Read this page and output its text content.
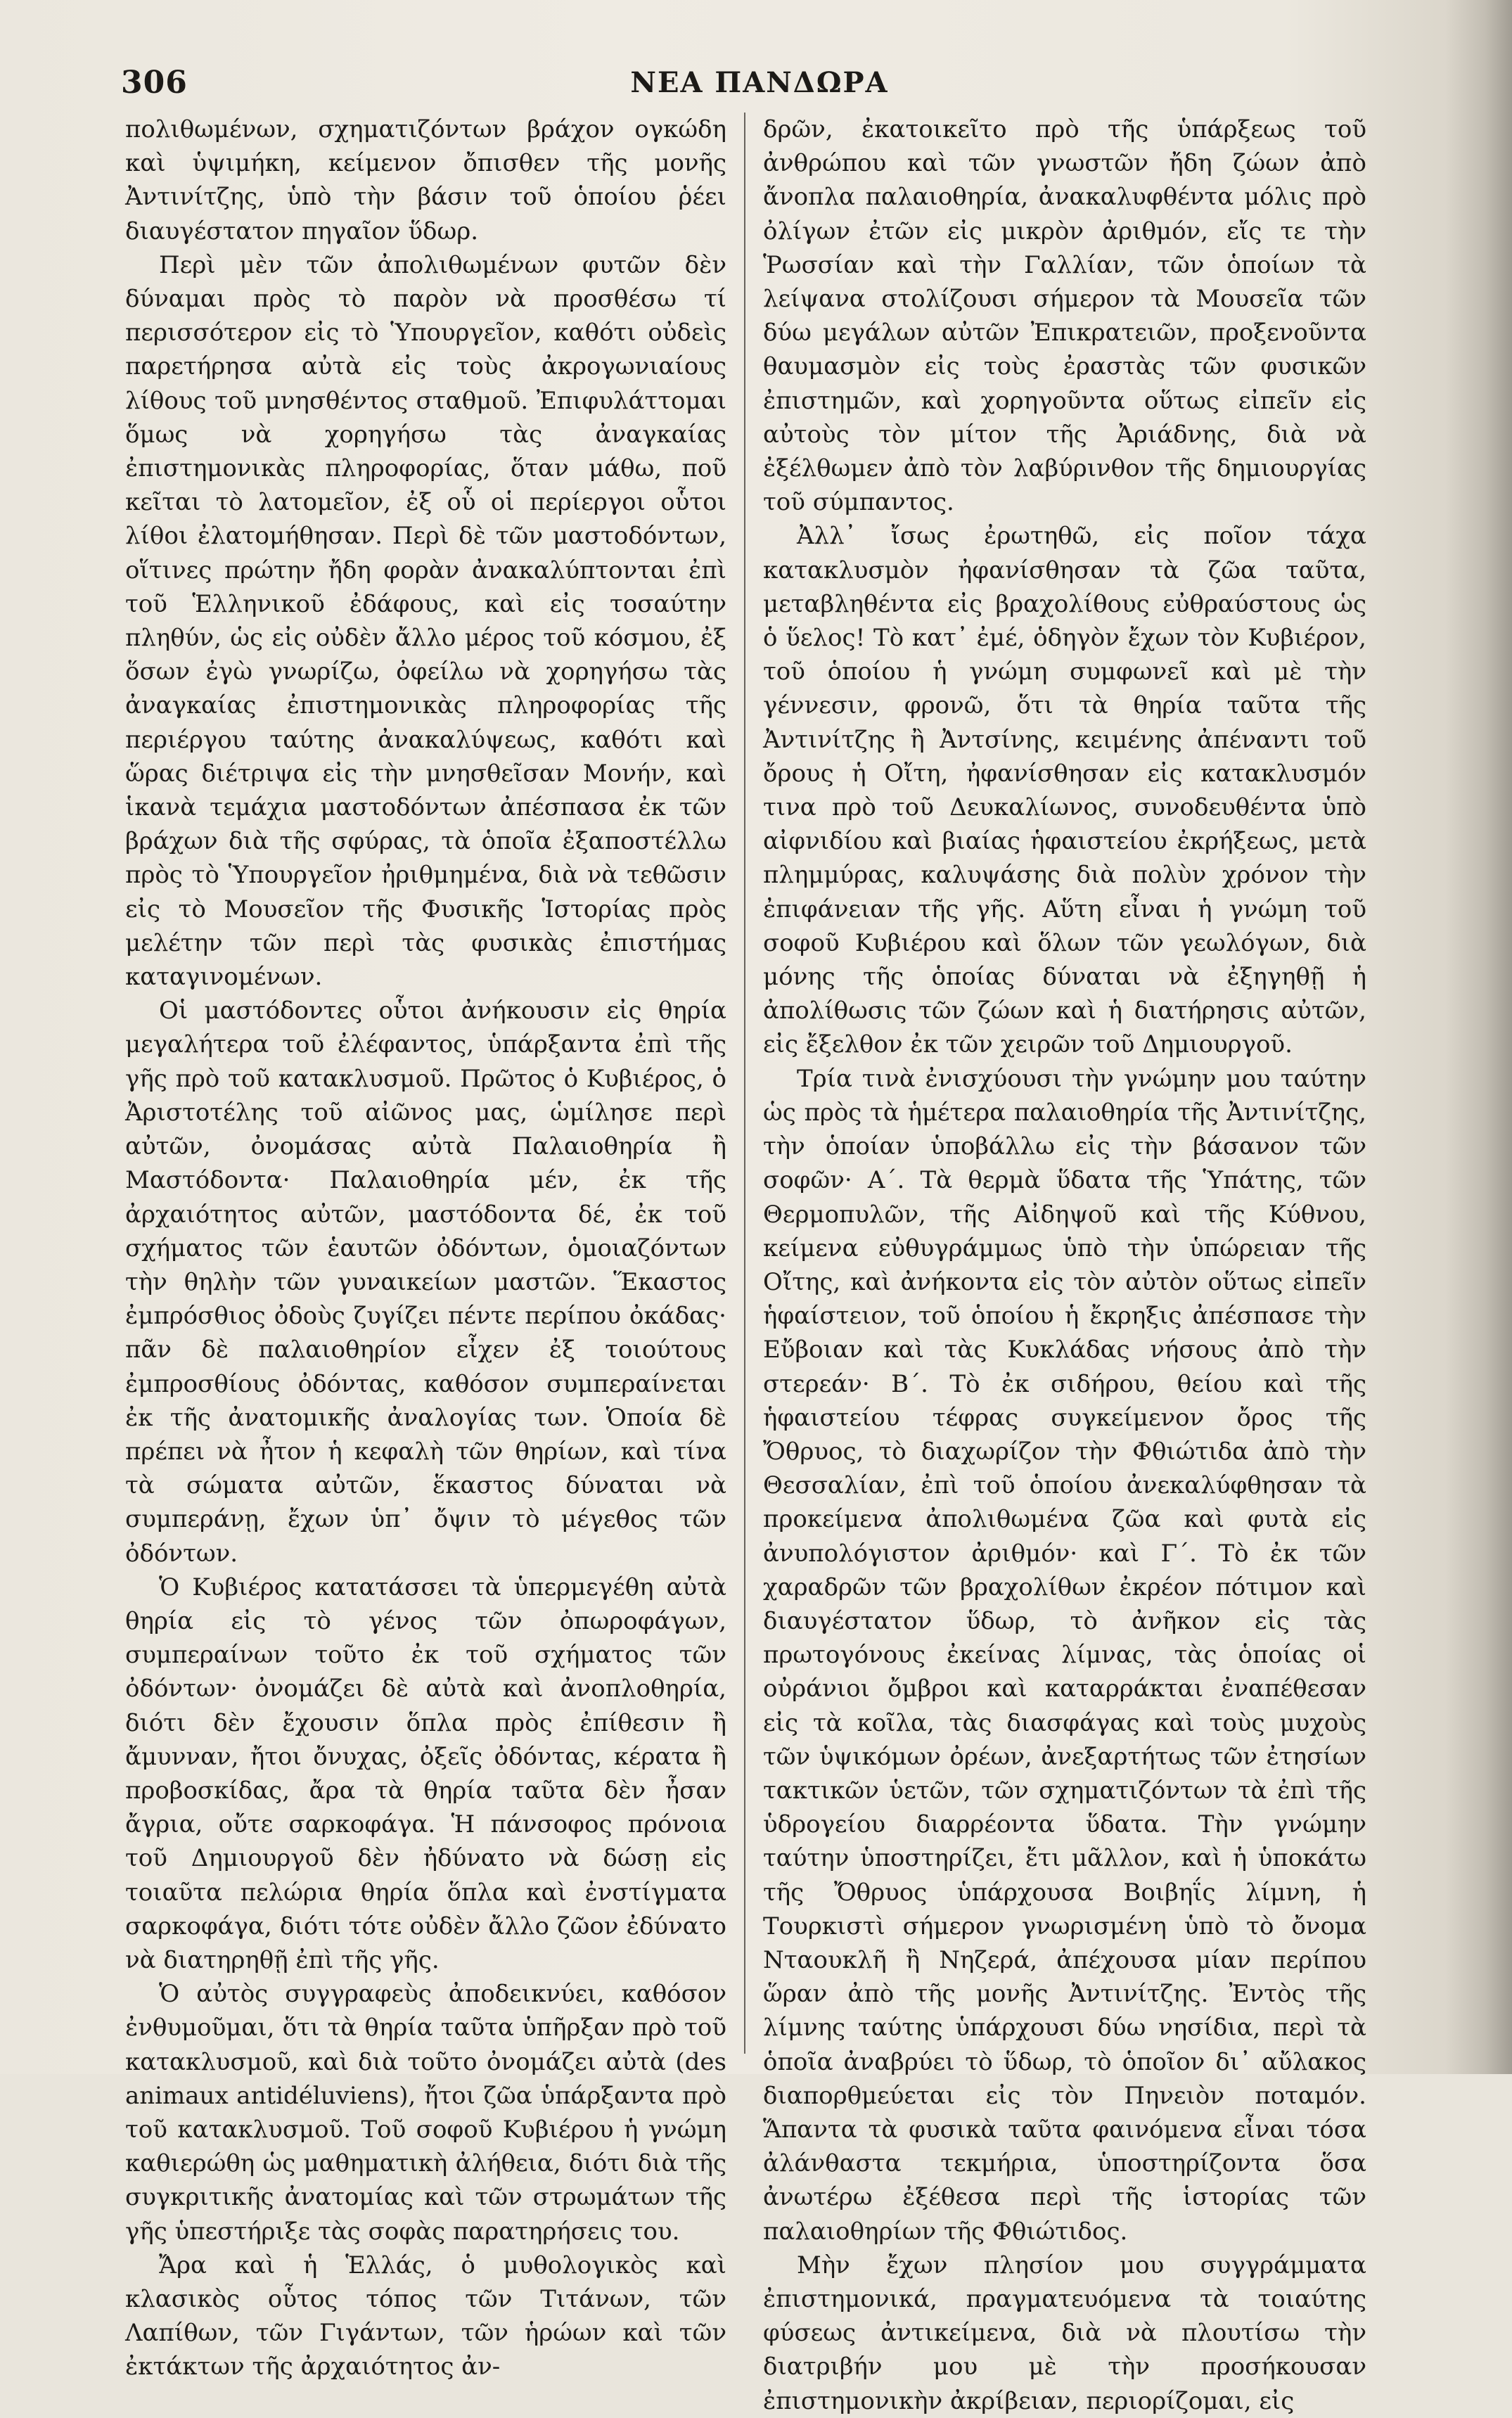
306	ΝΕΑ ΠΑΝΔΩΡΑ

πολιθωμένων, σχηματιζόντων βράχον ογκώδη καὶ ὑψιμήκη, κείμενον ὄπισθεν τῆς μονῆς Ἀντινίτζης, ὑπὸ τὴν βάσιν τοῦ ὁποίου ῥέει διαυγέστατον πηγαῖον ὕδωρ.

Περὶ μὲν τῶν ἀπολιθωμένων φυτῶν δὲν δύναμαι πρὸς τὸ παρὸν νὰ προσθέσω τί περισσότερον εἰς τὸ Ὑπουργεῖον, καθότι οὐδεὶς παρετήρησα αὐτὰ εἰς τοὺς ἀκρογωνιαίους λίθους τοῦ μνησθέντος σταθμοῦ. Ἐπιφυλάττομαι ὅμως νὰ χορηγήσω τὰς ἀναγκαίας ἐπιστημονικὰς πληροφορίας, ὅταν μάθω, ποῦ κεῖται τὸ λατομεῖον, ἐξ οὗ οἱ περίεργοι οὗτοι λίθοι ἐλατομήθησαν. Περὶ δὲ τῶν μαστοδόντων, οἵτινες πρώτην ἤδη φορὰν ἀνακαλύπτονται ἐπὶ τοῦ Ἑλληνικοῦ ἐδάφους, καὶ εἰς τοσαύτην πληθύν, ὡς εἰς οὐδὲν ἄλλο μέρος τοῦ κόσμου, ἐξ ὅσων ἐγὼ γνωρίζω, ὀφείλω νὰ χορηγήσω τὰς ἀναγκαίας ἐπιστημονικὰς πληροφορίας τῆς περιέργου ταύτης ἀνακαλύψεως, καθότι καὶ ὥρας διέτριψα εἰς τὴν μνησθεῖσαν Μονήν, καὶ ἱκανὰ τεμάχια μαστοδόντων ἀπέσπασα ἐκ τῶν βράχων διὰ τῆς σφύρας, τὰ ὁποῖα ἐξαποστέλλω πρὸς τὸ Ὑπουργεῖον ἠριθμημένα, διὰ νὰ τεθῶσιν εἰς τὸ Μουσεῖον τῆς Φυσικῆς Ἱστορίας πρὸς μελέτην τῶν περὶ τὰς φυσικὰς ἐπιστήμας καταγινομένων.

Οἱ μαστόδοντες οὗτοι ἀνήκουσιν εἰς θηρία μεγαλήτερα τοῦ ἐλέφαντος, ὑπάρξαντα ἐπὶ τῆς γῆς πρὸ τοῦ κατακλυσμοῦ. Πρῶτος ὁ Κυβιέρος, ὁ Ἀριστοτέλης τοῦ αἰῶνος μας, ὡμίλησε περὶ αὐτῶν, ὀνομάσας αὐτὰ Παλαιοθηρία ἢ Μαστόδοντα· Παλαιοθηρία μέν, ἐκ τῆς ἀρχαιότητος αὐτῶν, μαστόδοντα δέ, ἐκ τοῦ σχήματος τῶν ἑαυτῶν ὀδόντων, ὁμοιαζόντων τὴν θηλὴν τῶν γυναικείων μαστῶν. Ἕκαστος ἐμπρόσθιος ὀδοὺς ζυγίζει πέντε περίπου ὀκάδας· πᾶν δὲ παλαιοθηρίον εἶχεν ἐξ τοιούτους ἐμπροσθίους ὀδόντας, καθόσον συμπεραίνεται ἐκ τῆς ἀνατομικῆς ἀναλογίας των. Ὁποία δὲ πρέπει νὰ ἦτον ἡ κεφαλὴ τῶν θηρίων, καὶ τίνα τὰ σώματα αὐτῶν, ἕκαστος δύναται νὰ συμπεράνῃ, ἔχων ὑπ᾿ ὄψιν τὸ μέγεθος τῶν ὀδόντων.

Ὁ Κυβιέρος κατατάσσει τὰ ὑπερμεγέθη αὐτὰ θηρία εἰς τὸ γένος τῶν ὀπωροφάγων, συμπεραίνων τοῦτο ἐκ τοῦ σχήματος τῶν ὀδόντων· ὀνομάζει δὲ αὐτὰ καὶ ἀνοπλοθηρία, διότι δὲν ἔχουσιν ὅπλα πρὸς ἐπίθεσιν ἢ ἄμυνναν, ἤτοι ὄνυχας, ὀξεῖς ὀδόντας, κέρατα ἢ προβοσκίδας, ἄρα τὰ θηρία ταῦτα δὲν ἦσαν ἄγρια, οὔτε σαρκοφάγα. Ἡ πάνσοφος πρόνοια τοῦ Δημιουργοῦ δὲν ἠδύνατο νὰ δώσῃ εἰς τοιαῦτα πελώρια θηρία ὅπλα καὶ ἐνστίγματα σαρκοφάγα, διότι τότε οὐδὲν ἄλλο ζῶον ἐδύνατο νὰ διατηρηθῇ ἐπὶ τῆς γῆς.

Ὁ αὐτὸς συγγραφεὺς ἀποδεικνύει, καθόσον ἐνθυμοῦμαι, ὅτι τὰ θηρία ταῦτα ὑπῆρξαν πρὸ τοῦ κατακλυσμοῦ, καὶ διὰ τοῦτο ὀνομάζει αὐτὰ (des animaux antidéluviens), ἤτοι ζῶα ὑπάρξαντα πρὸ τοῦ κατακλυσμοῦ. Τοῦ σοφοῦ Κυβιέρου ἡ γνώμη καθιερώθη ὡς μαθηματικὴ ἀλήθεια, διότι διὰ τῆς συγκριτικῆς ἀνατομίας καὶ τῶν στρωμάτων τῆς γῆς ὑπεστήριξε τὰς σοφὰς παρατηρήσεις του.

Ἄρα καὶ ἡ Ἑλλάς, ὁ μυθολογικὸς καὶ κλασικὸς οὗτος τόπος τῶν Τιτάνων, τῶν Λαπίθων, τῶν Γιγάντων, τῶν ἡρώων καὶ τῶν ἐκτάκτων τῆς ἀρχαιότητος ἀν-

δρῶν, ἐκατοικεῖτο πρὸ τῆς ὑπάρξεως τοῦ ἀνθρώπου καὶ τῶν γνωστῶν ἤδη ζώων ἀπὸ ἄνοπλα παλαιοθηρία, ἀνακαλυφθέντα μόλις πρὸ ὀλίγων ἐτῶν εἰς μικρὸν ἀριθμόν, εἴς τε τὴν Ῥωσσίαν καὶ τὴν Γαλλίαν, τῶν ὁποίων τὰ λείψανα στολίζουσι σήμερον τὰ Μουσεῖα τῶν δύω μεγάλων αὐτῶν Ἐπικρατειῶν, προξενοῦντα θαυμασμὸν εἰς τοὺς ἐραστὰς τῶν φυσικῶν ἐπιστημῶν, καὶ χορηγοῦντα οὕτως εἰπεῖν εἰς αὐτοὺς τὸν μίτον τῆς Ἀριάδνης, διὰ νὰ ἐξέλθωμεν ἀπὸ τὸν λαβύρινθον τῆς δημιουργίας τοῦ σύμπαντος.

Ἀλλ᾿ ἴσως ἐρωτηθῶ, εἰς ποῖον τάχα κατακλυσμὸν ἠφανίσθησαν τὰ ζῶα ταῦτα, μεταβληθέντα εἰς βραχολίθους εὐθραύστους ὡς ὁ ὕελος! Τὸ κατ᾿ ἐμέ, ὁδηγὸν ἔχων τὸν Κυβιέρον, τοῦ ὁποίου ἡ γνώμη συμφωνεῖ καὶ μὲ τὴν γέννεσιν, φρονῶ, ὅτι τὰ θηρία ταῦτα τῆς Ἀντινίτζης ἢ Ἀντσίνης, κειμένης ἀπέναντι τοῦ ὄρους ἡ Οἴτη, ἠφανίσθησαν εἰς κατακλυσμόν τινα πρὸ τοῦ Δευκαλίωνος, συνοδευθέντα ὑπὸ αἰφνιδίου καὶ βιαίας ἡφαιστείου ἐκρήξεως, μετὰ πλημμύρας, καλυψάσης διὰ πολὺν χρόνον τὴν ἐπιφάνειαν τῆς γῆς. Αὕτη εἶναι ἡ γνώμη τοῦ σοφοῦ Κυβιέρου καὶ ὅλων τῶν γεωλόγων, διὰ μόνης τῆς ὁποίας δύναται νὰ ἐξηγηθῇ ἡ ἀπολίθωσις τῶν ζώων καὶ ἡ διατήρησις αὐτῶν, εἰς ἔξελθον ἐκ τῶν χειρῶν τοῦ Δημιουργοῦ.

Τρία τινὰ ἐνισχύουσι τὴν γνώμην μου ταύτην ὡς πρὸς τὰ ἡμέτερα παλαιοθηρία τῆς Ἀντινίτζης, τὴν ὁποίαν ὑποβάλλω εἰς τὴν βάσανον τῶν σοφῶν· Α΄. Τὰ θερμὰ ὕδατα τῆς Ὑπάτης, τῶν Θερμοπυλῶν, τῆς Αἰδηψοῦ καὶ τῆς Κύθνου, κείμενα εὐθυγράμμως ὑπὸ τὴν ὑπώρειαν τῆς Οἴτης, καὶ ἀνήκοντα εἰς τὸν αὐτὸν οὕτως εἰπεῖν ἡφαίστειον, τοῦ ὁποίου ἡ ἔκρηξις ἀπέσπασε τὴν Εὔβοιαν καὶ τὰς Κυκλάδας νήσους ἀπὸ τὴν στερεάν· Β΄. Τὸ ἐκ σιδήρου, θείου καὶ τῆς ἡφαιστείου τέφρας συγκείμενον ὄρος τῆς Ὄθρυος, τὸ διαχωρίζον τὴν Φθιώτιδα ἀπὸ τὴν Θεσσαλίαν, ἐπὶ τοῦ ὁποίου ἀνεκαλύφθησαν τὰ προκείμενα ἀπολιθωμένα ζῶα καὶ φυτὰ εἰς ἀνυπολόγιστον ἀριθμόν· καὶ Γ΄. Τὸ ἐκ τῶν χαραδρῶν τῶν βραχολίθων ἐκρέον πότιμον καὶ διαυγέστατον ὕδωρ, τὸ ἀνῆκον εἰς τὰς πρωτογόνους ἐκείνας λίμνας, τὰς ὁποίας οἱ οὐράνιοι ὄμβροι καὶ καταρράκται ἐναπέθεσαν εἰς τὰ κοῖλα, τὰς διασφάγας καὶ τοὺς μυχοὺς τῶν ὑψικόμων ὀρέων, ἀνεξαρτήτως τῶν ἐτησίων τακτικῶν ὑετῶν, τῶν σχηματιζόντων τὰ ἐπὶ τῆς ὑδρογείου διαρρέοντα ὕδατα. Τὴν γνώμην ταύτην ὑποστηρίζει, ἔτι μᾶλλον, καὶ ἡ ὑποκάτω τῆς Ὄθρυος ὑπάρχουσα Βοιβηΐς λίμνη, ἡ Τουρκιστὶ σήμερον γνωρισμένη ὑπὸ τὸ ὄνομα Νταουκλῆ ἢ Νηζερά, ἀπέχουσα μίαν περίπου ὥραν ἀπὸ τῆς μονῆς Ἀντινίτζης. Ἐντὸς τῆς λίμνης ταύτης ὑπάρχουσι δύω νησίδια, περὶ τὰ ὁποῖα ἀναβρύει τὸ ὕδωρ, τὸ ὁποῖον δι᾿ αὔλακος διαπορθμεύεται εἰς τὸν Πηνειὸν ποταμόν. Ἅπαντα τὰ φυσικὰ ταῦτα φαινόμενα εἶναι τόσα ἀλάνθαστα τεκμήρια, ὑποστηρίζοντα ὅσα ἀνωτέρω ἐξέθεσα περὶ τῆς ἱστορίας τῶν παλαιοθηρίων τῆς Φθιώτιδος.

Μὴν ἔχων πλησίον μου συγγράμματα ἐπιστημονικά, πραγματευόμενα τὰ τοιαύτης φύσεως ἀντικείμενα, διὰ νὰ πλουτίσω τὴν διατριβήν μου μὲ τὴν προσήκουσαν ἐπιστημονικὴν ἀκρίβειαν, περιορίζομαι, εἰς
